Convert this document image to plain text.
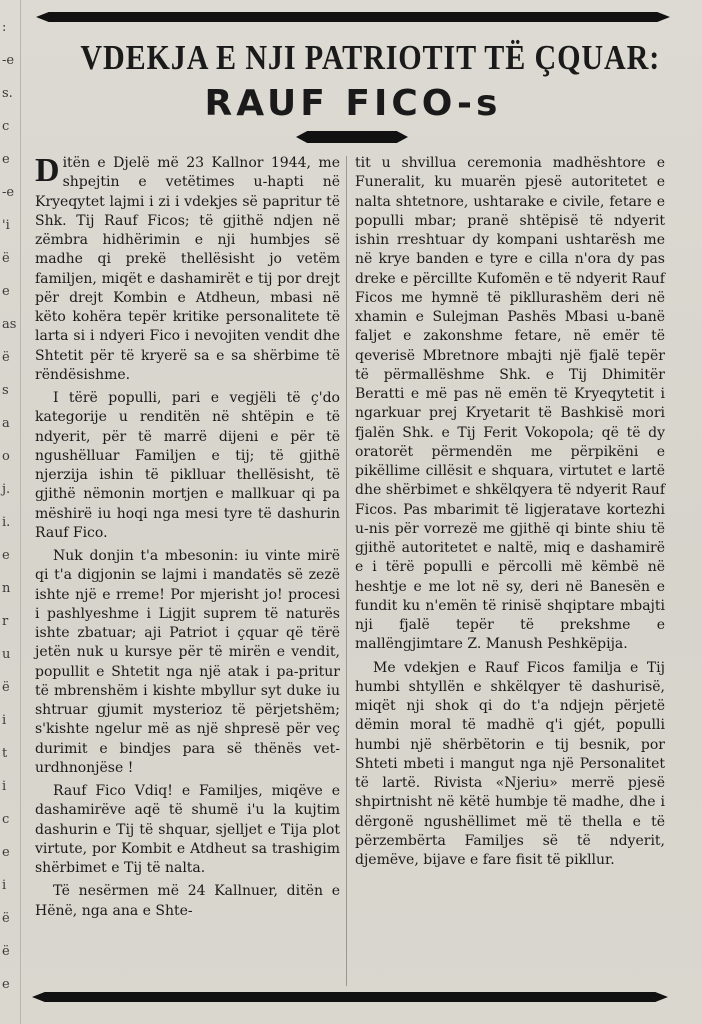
:
-e
s.
c
e
-e
'i
ë
e
as
ë
s
a
o
j.
i.
e
n
r
u
ë
i
t
i
c
e
i
ë
ë
e
VDEKJA E NJI PATRIOTIT TË ÇQUAR:
RAUF FICO-s

Ditën e Djelë më 23 Kallnor 1944, me shpejtin e vetëtimes u-hapti në Kryeqytet lajmi i zi i vdekjes së papritur të Shk. Tij Rauf Ficos; të gjithë ndjen në zëmbra hidhërimin e nji humbjes së madhe qi prekë thellësisht jo vetëm familjen, miqët e dashamirët e tij por drejt për drejt Kombin e Atdheun, mbasi në këto kohëra tepër kritike personalitete të larta si i ndyeri Fico i nevojiten vendit dhe Shtetit për të kryerë sa e sa shërbime të rëndësishme.

I tërë populli, pari e vegjëli të ç'do kategorije u renditën në shtëpin e të ndyerit, për të marrë dijeni e për të ngushëlluar Familjen e tij; të gjithë njerzija ishin të piklluar thellësisht, të gjithë nëmonin mortjen e mallkuar qi pa mëshirë iu hoqi nga mesi tyre të dashurin Rauf Fico.

Nuk donjin t'a mbesonin: iu vinte mirë qi t'a digjonin se lajmi i mandatës së zezë ishte një e rreme! Por mjerisht jo! procesi i pashlyeshme i Ligjit suprem të naturës ishte zbatuar; aji Patriot i çquar që tërë jetën nuk u kursye për të mirën e vendit, popullit e Shtetit nga një atak i pa-pritur të mbrenshëm i kishte mbyllur syt duke iu shtruar gjumit mysterioz të përjetshëm; s'kishte ngelur më as një shpresë për veç durimit e bindjes para së thënës vet-urdhnonjëse !

Rauf Fico Vdiq! e Familjes, miqëve e dashamirëve aqë të shumë i'u la kujtim dashurin e Tij të shquar, sjelljet e Tija plot virtute, por Kombit e Atdheut sa trashigim shërbimet e Tij të nalta.

Të nesërmen më 24 Kallnuer, ditën e Hënë, nga ana e Shte-

tit u shvillua ceremonia madhështore e Funeralit, ku muarën pjesë autoritetet e nalta shtetnore, ushtarake e civile, fetare e populli mbar; pranë shtëpisë të ndyerit ishin rreshtuar dy kompani ushtarësh me në krye banden e tyre e cilla n'ora dy pas dreke e përcillte Kufomën e të ndyerit Rauf Ficos me hymnë të pikllurashëm deri në xhamin e Sulejman Pashës Mbasi u-banë faljet e zakonshme fetare, në emër të qeverisë Mbretnore mbajti një fjalë tepër të përmallëshme Shk. e Tij Dhimitër Beratti e më pas në emën të Kryeqytetit i ngarkuar prej Kryetarit të Bashkisë mori fjalën Shk. e Tij Ferit Vokopola; që të dy oratorët përmendën me përpikëni e pikëllime cillësit e shquara, virtutet e lartë dhe shërbimet e shkëlqyera të ndyerit Rauf Ficos. Pas mbarimit të ligjeratave kortezhi u-nis për vorrezë me gjithë qi binte shiu të gjithë autoritetet e naltë, miq e dashamirë e i tërë populli e përcolli më këmbë në heshtje e me lot në sy, deri në Banesën e fundit ku n'emën të rinisë shqiptare mbajti nji fjalë tepër të prekshme e mallëngjimtare Z. Manush Peshkëpija.

Me vdekjen e Rauf Ficos familja e Tij humbi shtyllën e shkëlqyer të dashurisë, miqët nji shok qi do t'a ndjejn përjetë dëmin moral të madhë q'i gjét, populli humbi një shërbëtorin e tij besnik, por Shteti mbeti i mangut nga një Personalitet të lartë. Rivista «Njeriu» merrë pjesë shpirtnisht në këtë humbje të madhe, dhe i dërgonë ngushëllimet më të thella e të përzembërta Familjes së të ndyerit, djemëve, bijave e fare fisit të pikllur.
